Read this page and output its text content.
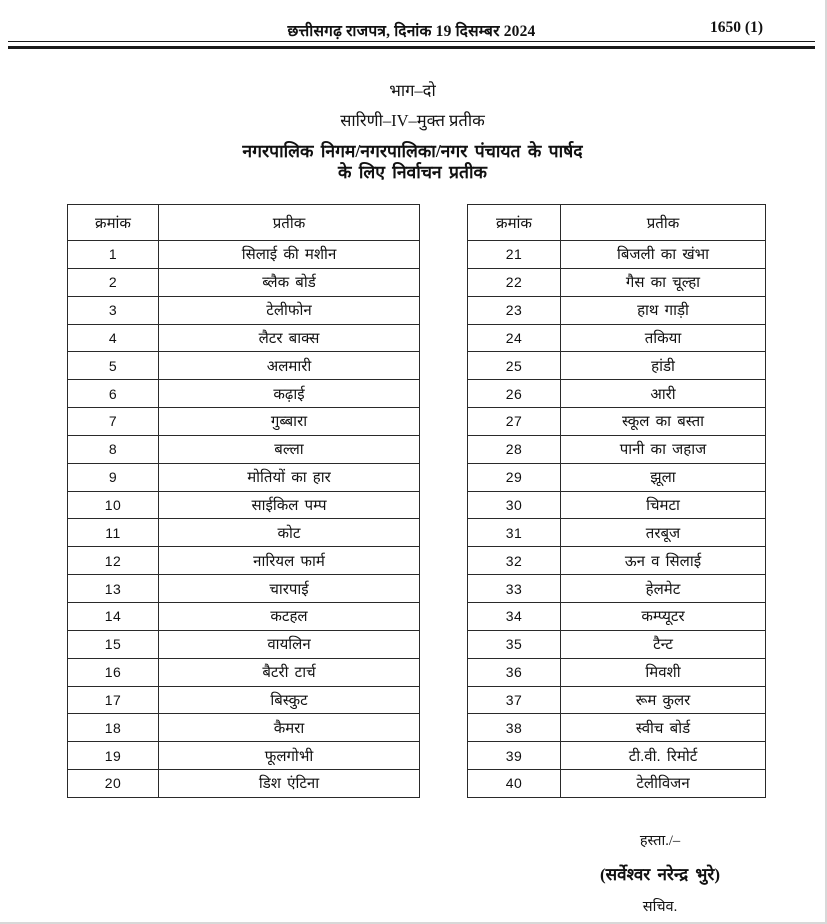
छत्तीसगढ़ राजपत्र, दिनांक 19 दिसम्बर 2024	1650 (1)
भाग–दो
सारिणी–IV–मुक्त प्रतीक
नगरपालिक निगम/नगरपालिका/नगर पंचायत के पार्षद
के लिए निर्वाचन प्रतीक
क्रमांक	प्रतीक
1	सिलाई की मशीन
2	ब्लैक बोर्ड
3	टेलीफोन
4	लैटर बाक्स
5	अलमारी
6	कढ़ाई
7	गुब्बारा
8	बल्ला
9	मोतियों का हार
10	साईकिल पम्प
11	कोट
12	नारियल फार्म
13	चारपाई
14	कटहल
15	वायलिन
16	बैटरी टार्च
17	बिस्कुट
18	कैमरा
19	फूलगोभी
20	डिश एंटिना
क्रमांक	प्रतीक
21	बिजली का खंभा
22	गैस का चूल्हा
23	हाथ गाड़ी
24	तकिया
25	हांडी
26	आरी
27	स्कूल का बस्ता
28	पानी का जहाज
29	झूला
30	चिमटा
31	तरबूज
32	ऊन व सिलाई
33	हेलमेट
34	कम्प्यूटर
35	टैन्ट
36	मिवशी
37	रूम कुलर
38	स्वीच बोर्ड
39	टी.वी. रिमोर्ट
40	टेलीविजन
हस्ता./–
(सर्वेश्वर नरेन्द्र भुरे)
सचिव.
